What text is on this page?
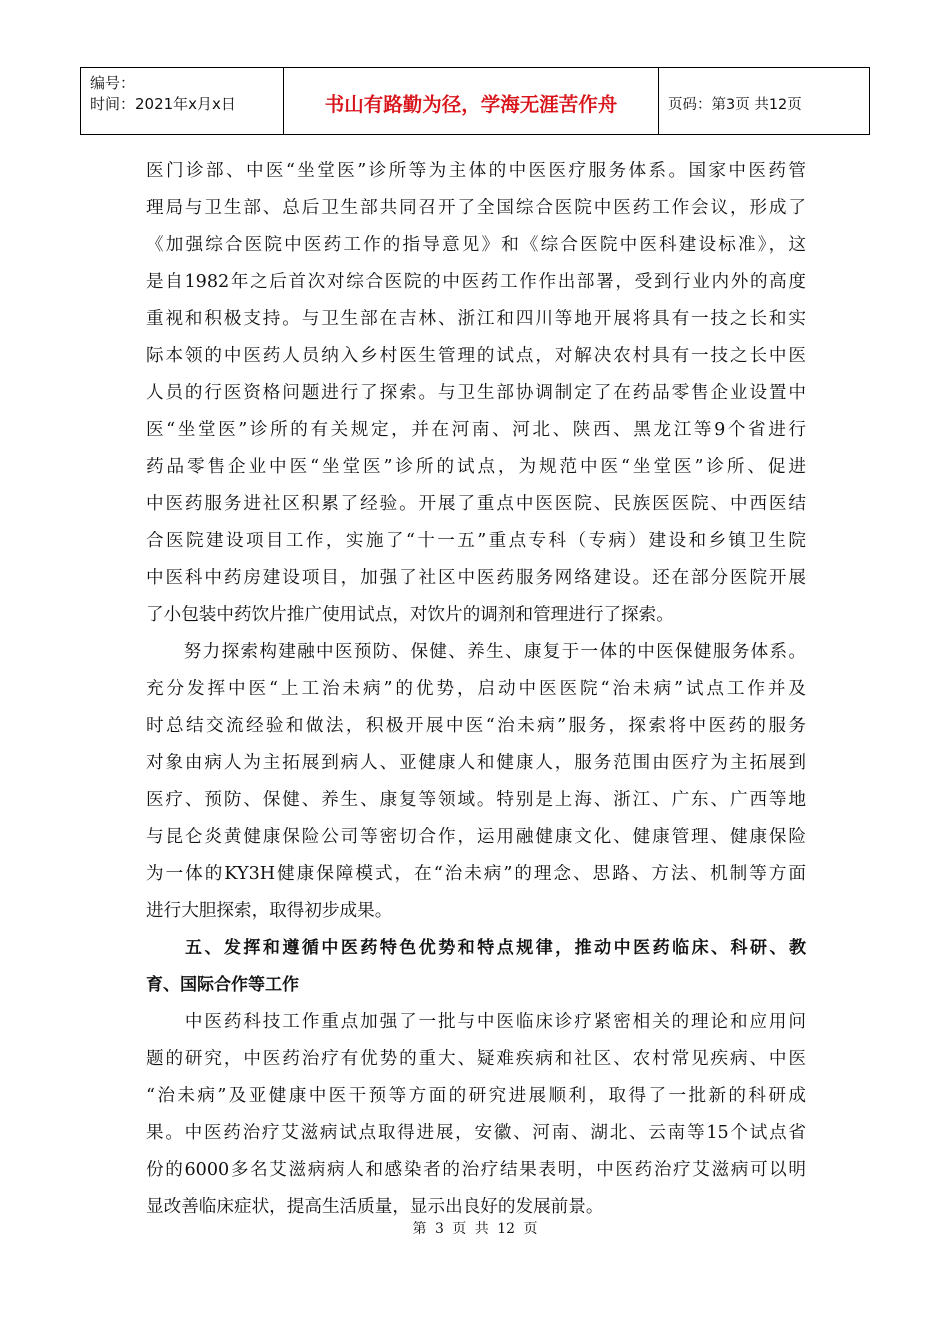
编号：
时间：2021年x月x日	书山有路勤为径，学海无涯苦作舟	页码：第3页 共12页
医门诊部、中医“坐堂医”诊所等为主体的中医医疗服务体系。国家中医药管
理局与卫生部、总后卫生部共同召开了全国综合医院中医药工作会议，形成了
《加强综合医院中医药工作的指导意见》和《综合医院中医科建设标准》，这
是自1982年之后首次对综合医院的中医药工作作出部署，受到行业内外的高度
重视和积极支持。与卫生部在吉林、浙江和四川等地开展将具有一技之长和实
际本领的中医药人员纳入乡村医生管理的试点，对解决农村具有一技之长中医
人员的行医资格问题进行了探索。与卫生部协调制定了在药品零售企业设置中
医“坐堂医”诊所的有关规定，并在河南、河北、陕西、黑龙江等9个省进行
药品零售企业中医“坐堂医”诊所的试点，为规范中医“坐堂医”诊所、促进
中医药服务进社区积累了经验。开展了重点中医医院、民族医医院、中西医结
合医院建设项目工作，实施了“十一五”重点专科（专病）建设和乡镇卫生院
中医科中药房建设项目，加强了社区中医药服务网络建设。还在部分医院开展
了小包装中药饮片推广使用试点，对饮片的调剂和管理进行了探索。
　　努力探索构建融中医预防、保健、养生、康复于一体的中医保健服务体系。
充分发挥中医“上工治未病”的优势，启动中医医院“治未病”试点工作并及
时总结交流经验和做法，积极开展中医“治未病”服务，探索将中医药的服务
对象由病人为主拓展到病人、亚健康人和健康人，服务范围由医疗为主拓展到
医疗、预防、保健、养生、康复等领域。特别是上海、浙江、广东、广西等地
与昆仑炎黄健康保险公司等密切合作，运用融健康文化、健康管理、健康保险
为一体的KY3H健康保障模式，在“治未病”的理念、思路、方法、机制等方面
进行大胆探索，取得初步成果。
　　五、发挥和遵循中医药特色优势和特点规律，推动中医药临床、科研、教
育、国际合作等工作
　　中医药科技工作重点加强了一批与中医临床诊疗紧密相关的理论和应用问
题的研究，中医药治疗有优势的重大、疑难疾病和社区、农村常见疾病、中医
“治未病”及亚健康中医干预等方面的研究进展顺利，取得了一批新的科研成
果。中医药治疗艾滋病试点取得进展，安徽、河南、湖北、云南等15个试点省
份的6000多名艾滋病病人和感染者的治疗结果表明，中医药治疗艾滋病可以明
显改善临床症状，提高生活质量，显示出良好的发展前景。
第 3 页 共 12 页
